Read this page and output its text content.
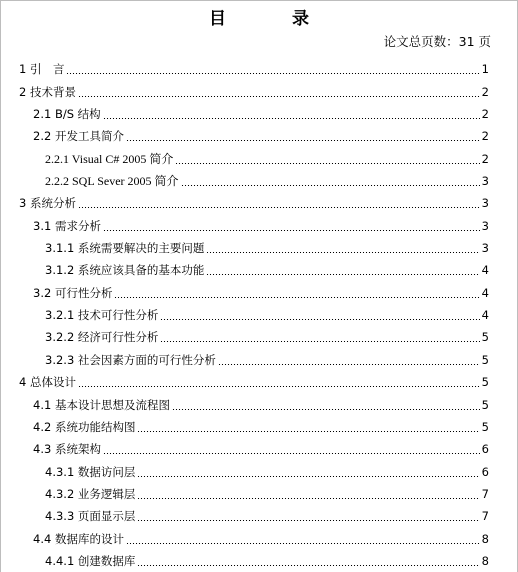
目	录
论文总页数：31 页
1 引　言	1
2 技术背景	2
2.1 B/S 结构	2
2.2 开发工具简介	2
2.2.1 Visual C# 2005 简介	2
2.2.2 SQL Sever 2005 简介	3
3 系统分析	3
3.1 需求分析	3
3.1.1 系统需要解决的主要问题	3
3.1.2 系统应该具备的基本功能	4
3.2 可行性分析	4
3.2.1 技术可行性分析	4
3.2.2 经济可行性分析	5
3.2.3 社会因素方面的可行性分析	5
4 总体设计	5
4.1 基本设计思想及流程图	5
4.2 系统功能结构图	5
4.3 系统架构	6
4.3.1 数据访问层	6
4.3.2 业务逻辑层	7
4.3.3 页面显示层	7
4.4 数据库的设计	8
4.4.1 创建数据库	8
